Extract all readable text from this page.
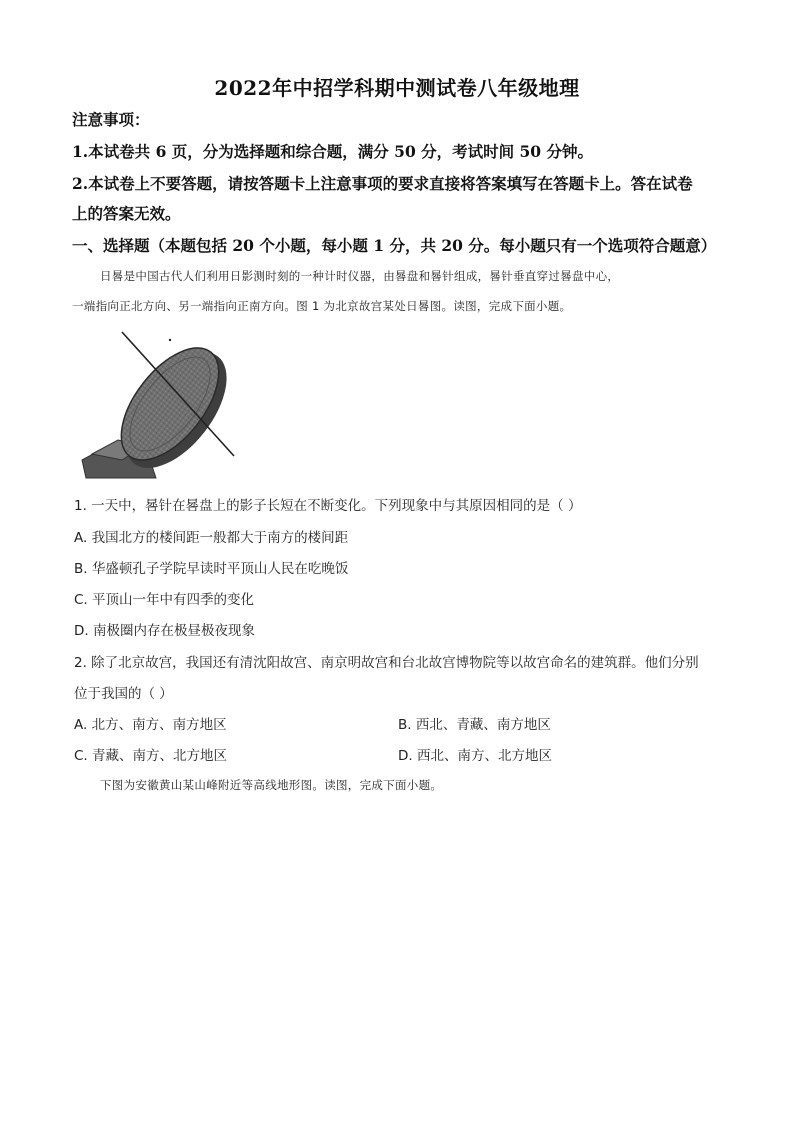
2022年中招学科期中测试卷八年级地理
注意事项：
1.本试卷共 6 页，分为选择题和综合题，满分 50 分，考试时间 50 分钟。
2.本试卷上不要答题，请按答题卡上注意事项的要求直接将答案填写在答题卡上。答在试卷
上的答案无效。
一、选择题（本题包括 20 个小题，每小题 1 分，共 20 分。每小题只有一个选项符合题意）
日晷是中国古代人们利用日影测时刻的一种计时仪器，由晷盘和晷针组成，晷针垂直穿过晷盘中心，
一端指向正北方向、另一端指向正南方向。图 1 为北京故宫某处日晷图。读图，完成下面小题。
1. 一天中，晷针在晷盘上的影子长短在不断变化。下列现象中与其原因相同的是（ ）
A. 我国北方的楼间距一般都大于南方的楼间距
B. 华盛顿孔子学院早读时平顶山人民在吃晚饭
C. 平顶山一年中有四季的变化
D. 南极圈内存在极昼极夜现象
2. 除了北京故宫，我国还有清沈阳故宫、南京明故宫和台北故宫博物院等以故宫命名的建筑群。他们分别
位于我国的（ ）
A. 北方、南方、南方地区	B. 西北、青藏、南方地区
C. 青藏、南方、北方地区	D. 西北、南方、北方地区
下图为安徽黄山某山峰附近等高线地形图。读图，完成下面小题。
